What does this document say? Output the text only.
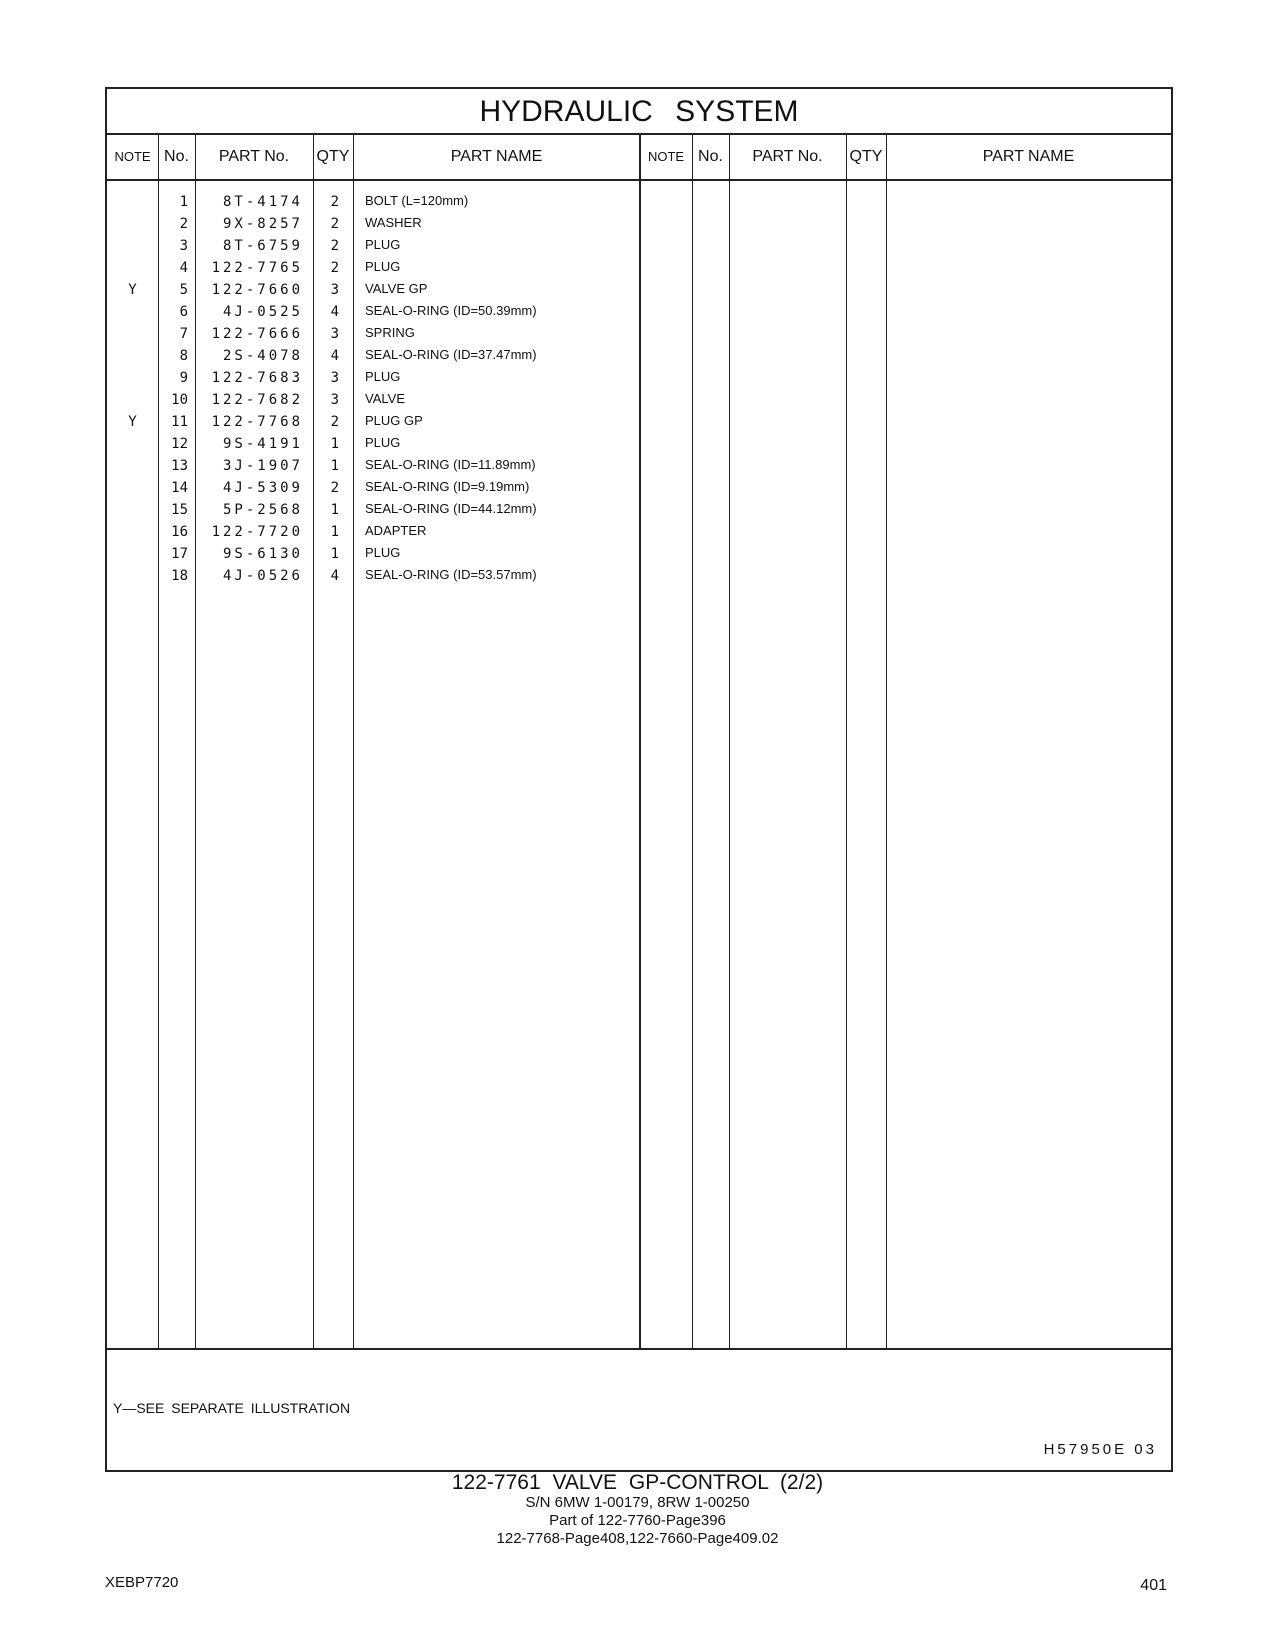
HYDRAULIC SYSTEM
NOTE No.	PART No.	QTY	PART NAME	NOTE No.	PART No.	QTY	PART NAME
1	8T-4174	2 BOLT (L=120mm)
2	9X-8257	2 WASHER
3	8T-6759	2 PLUG
4	122-7765	2 PLUG
Y	5	122-7660	3 VALVE GP
6	4J-0525	4 SEAL-O-RING (ID=50.39mm)
7	122-7666	3 SPRING
8	2S-4078	4 SEAL-O-RING (ID=37.47mm)
9	122-7683	3 PLUG
10	122-7682	3 VALVE
Y	11	122-7768	2 PLUG GP
12	9S-4191	1 PLUG
13	3J-1907	1 SEAL-O-RING (ID=11.89mm)
14	4J-5309	2 SEAL-O-RING (ID=9.19mm)
15	5P-2568	1 SEAL-O-RING (ID=44.12mm)
16	122-7720	1 ADAPTER
17	9S-6130	1 PLUG
18	4J-0526	4 SEAL-O-RING (ID=53.57mm)
Y—SEE SEPARATE ILLUSTRATION
H57950E 03
122-7761 VALVE GP-CONTROL (2/2)
S/N 6MW 1-00179, 8RW 1-00250
Part of 122-7760-Page396
122-7768-Page408,122-7660-Page409.02
XEBP7720	401
